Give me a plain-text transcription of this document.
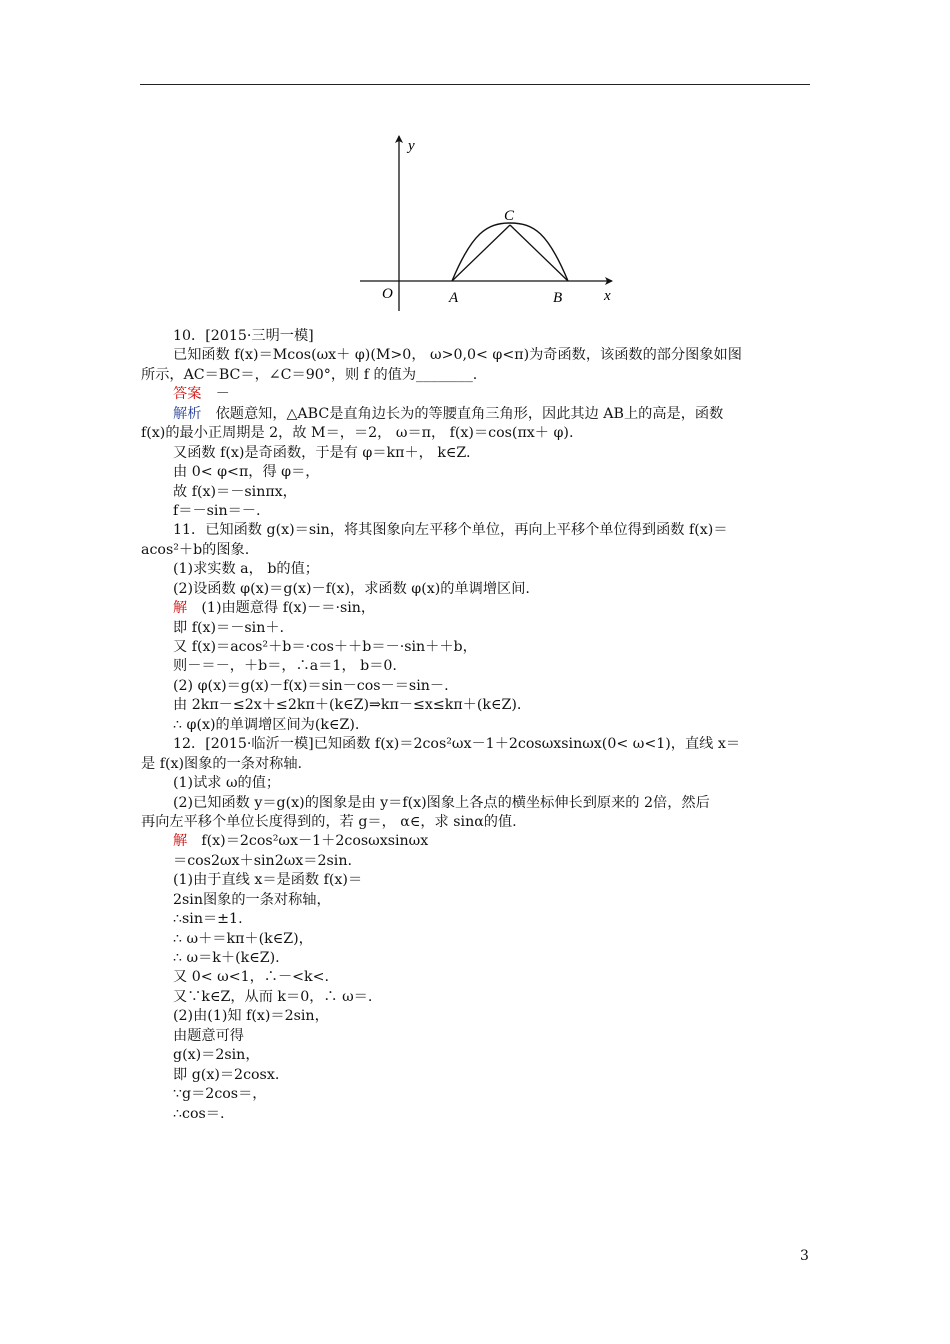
y
x
O	A	B
C
10．[2015·三明一模]
已知函数 f(x)＝Mcos(ωx＋ φ)(M>0， ω>0,0< φ<π)为奇函数，该函数的部分图象如图
所示，AC＝BC＝，∠C＝90°，则 f 的值为________.
答案　－
解析　依题意知，△ABC是直角边长为的等腰直角三角形，因此其边 AB上的高是，函数
f(x)的最小正周期是 2，故 M＝，＝2， ω＝π， f(x)＝cos(πx＋ φ).
又函数 f(x)是奇函数，于是有 φ＝kπ＋， k∈Z.
由 0< φ<π，得 φ＝，
故 f(x)＝－sinπx，
f＝－sin＝－.
11．已知函数 g(x)＝sin，将其图象向左平移个单位，再向上平移个单位得到函数 f(x)＝
acos²＋b的图象.
(1)求实数 a， b的值；
(2)设函数 φ(x)＝g(x)－f(x)，求函数 φ(x)的单调增区间.
解　(1)由题意得 f(x)－＝·sin，
即 f(x)＝－sin＋.
又 f(x)＝acos²＋b＝·cos＋＋b＝－·sin＋＋b，
则－＝－，＋b＝，∴a＝1， b＝0.
(2) φ(x)＝g(x)－f(x)＝sin－cos－＝sin－.
由 2kπ－≤2x＋≤2kπ＋(k∈Z)⇒kπ－≤x≤kπ＋(k∈Z).
∴ φ(x)的单调增区间为(k∈Z).
12．[2015·临沂一模]已知函数 f(x)＝2cos²ωx－1＋2cosωxsinωx(0< ω<1)，直线 x＝
是 f(x)图象的一条对称轴.
(1)试求 ω的值；
(2)已知函数 y＝g(x)的图象是由 y＝f(x)图象上各点的横坐标伸长到原来的 2倍，然后
再向左平移个单位长度得到的，若 g＝， α∈，求 sinα的值.
解　f(x)＝2cos²ωx－1＋2cosωxsinωx
＝cos2ωx＋sin2ωx＝2sin.
(1)由于直线 x＝是函数 f(x)＝
2sin图象的一条对称轴，
∴sin＝±1.
∴ ω＋＝kπ＋(k∈Z)，
∴ ω＝k＋(k∈Z).
又 0< ω<1，∴－<k<.
又∵k∈Z，从而 k＝0，∴ ω＝.
(2)由(1)知 f(x)＝2sin，
由题意可得
g(x)＝2sin，
即 g(x)＝2cosx.
∵g＝2cos＝，
∴cos＝.
3
